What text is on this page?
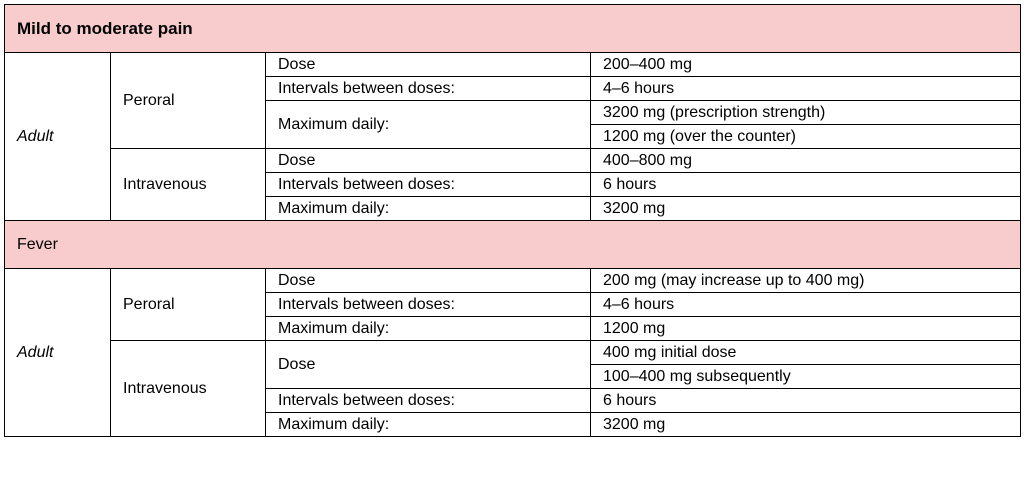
Mild to moderate pain			
Adult	Peroral	Dose	200–400 mg

		Intervals between doses:	4–6 hours

		Maximum daily:	3200 mg (prescription strength)

			1200 mg (over the counter)

	Intravenous	Dose	400–800 mg

		Intervals between doses:	6 hours

		Maximum daily:	3200 mg

Fever			
Adult	Peroral	Dose	200 mg (may increase up to 400 mg)

		Intervals between doses:	4–6 hours

		Maximum daily:	1200 mg

	Intravenous	Dose	400 mg initial dose

			100–400 mg subsequently

		Intervals between doses:	6 hours

		Maximum daily:	3200 mg
